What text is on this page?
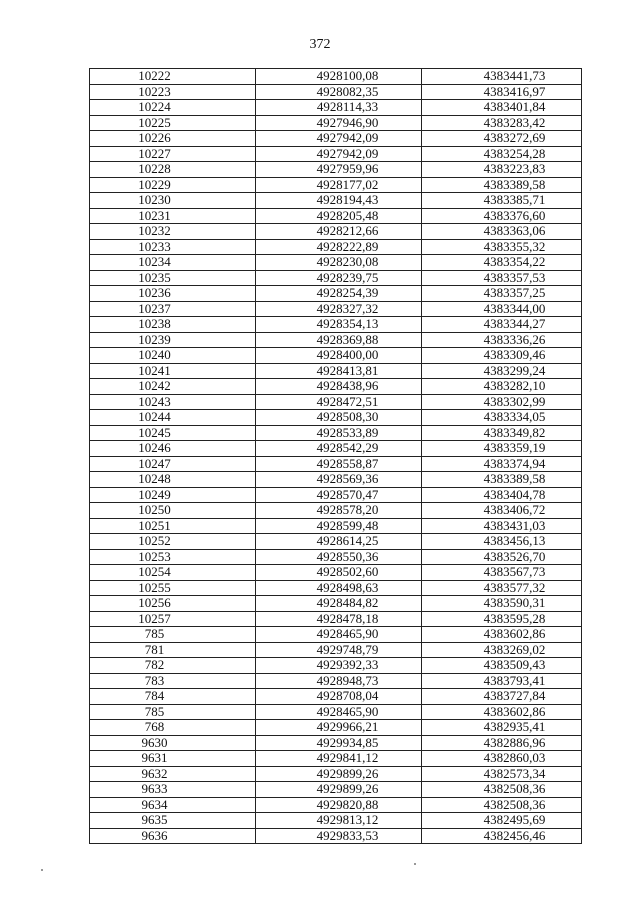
372
10222	4928100,08	4383441,73
10223	4928082,35	4383416,97
10224	4928114,33	4383401,84
10225	4927946,90	4383283,42
10226	4927942,09	4383272,69
10227	4927942,09	4383254,28
10228	4927959,96	4383223,83
10229	4928177,02	4383389,58
10230	4928194,43	4383385,71
10231	4928205,48	4383376,60
10232	4928212,66	4383363,06
10233	4928222,89	4383355,32
10234	4928230,08	4383354,22
10235	4928239,75	4383357,53
10236	4928254,39	4383357,25
10237	4928327,32	4383344,00
10238	4928354,13	4383344,27
10239	4928369,88	4383336,26
10240	4928400,00	4383309,46
10241	4928413,81	4383299,24
10242	4928438,96	4383282,10
10243	4928472,51	4383302,99
10244	4928508,30	4383334,05
10245	4928533,89	4383349,82
10246	4928542,29	4383359,19
10247	4928558,87	4383374,94
10248	4928569,36	4383389,58
10249	4928570,47	4383404,78
10250	4928578,20	4383406,72
10251	4928599,48	4383431,03
10252	4928614,25	4383456,13
10253	4928550,36	4383526,70
10254	4928502,60	4383567,73
10255	4928498,63	4383577,32
10256	4928484,82	4383590,31
10257	4928478,18	4383595,28
785	4928465,90	4383602,86
781	4929748,79	4383269,02
782	4929392,33	4383509,43
783	4928948,73	4383793,41
784	4928708,04	4383727,84
785	4928465,90	4383602,86
768	4929966,21	4382935,41
9630	4929934,85	4382886,96
9631	4929841,12	4382860,03
9632	4929899,26	4382573,34
9633	4929899,26	4382508,36
9634	4929820,88	4382508,36
9635	4929813,12	4382495,69
9636	4929833,53	4382456,46
